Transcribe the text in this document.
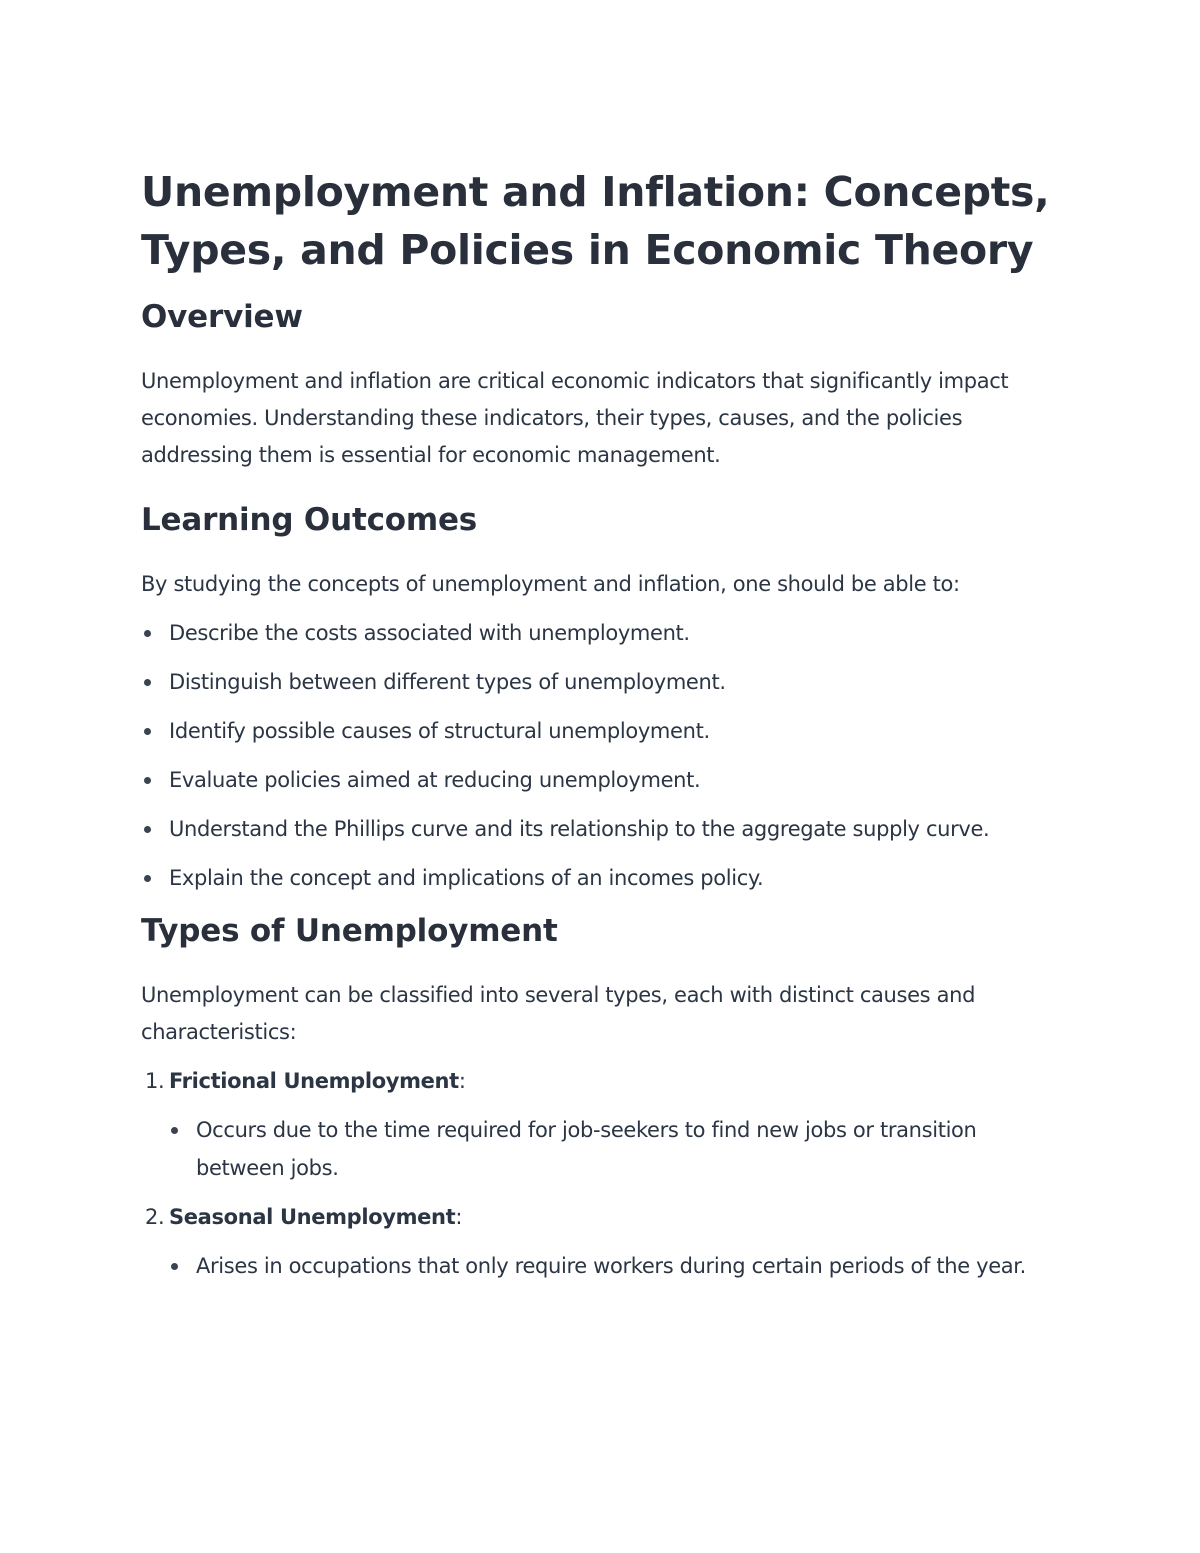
Unemployment and Inflation: Concepts, Types, and Policies in Economic Theory
Overview

Unemployment and inflation are critical economic indicators that significantly impact economies. Understanding these indicators, their types, causes, and the policies addressing them is essential for economic management.

Learning Outcomes

By studying the concepts of unemployment and inflation, one should be able to:

Describe the costs associated with unemployment.
Distinguish between different types of unemployment.
Identify possible causes of structural unemployment.
Evaluate policies aimed at reducing unemployment.
Understand the Phillips curve and its relationship to the aggregate supply curve.
Explain the concept and implications of an incomes policy.
Types of Unemployment

Unemployment can be classified into several types, each with distinct causes and characteristics:

1. Frictional Unemployment:
Occurs due to the time required for job-seekers to find new jobs or transition between jobs.
2. Seasonal Unemployment:
Arises in occupations that only require workers during certain periods of the year.
